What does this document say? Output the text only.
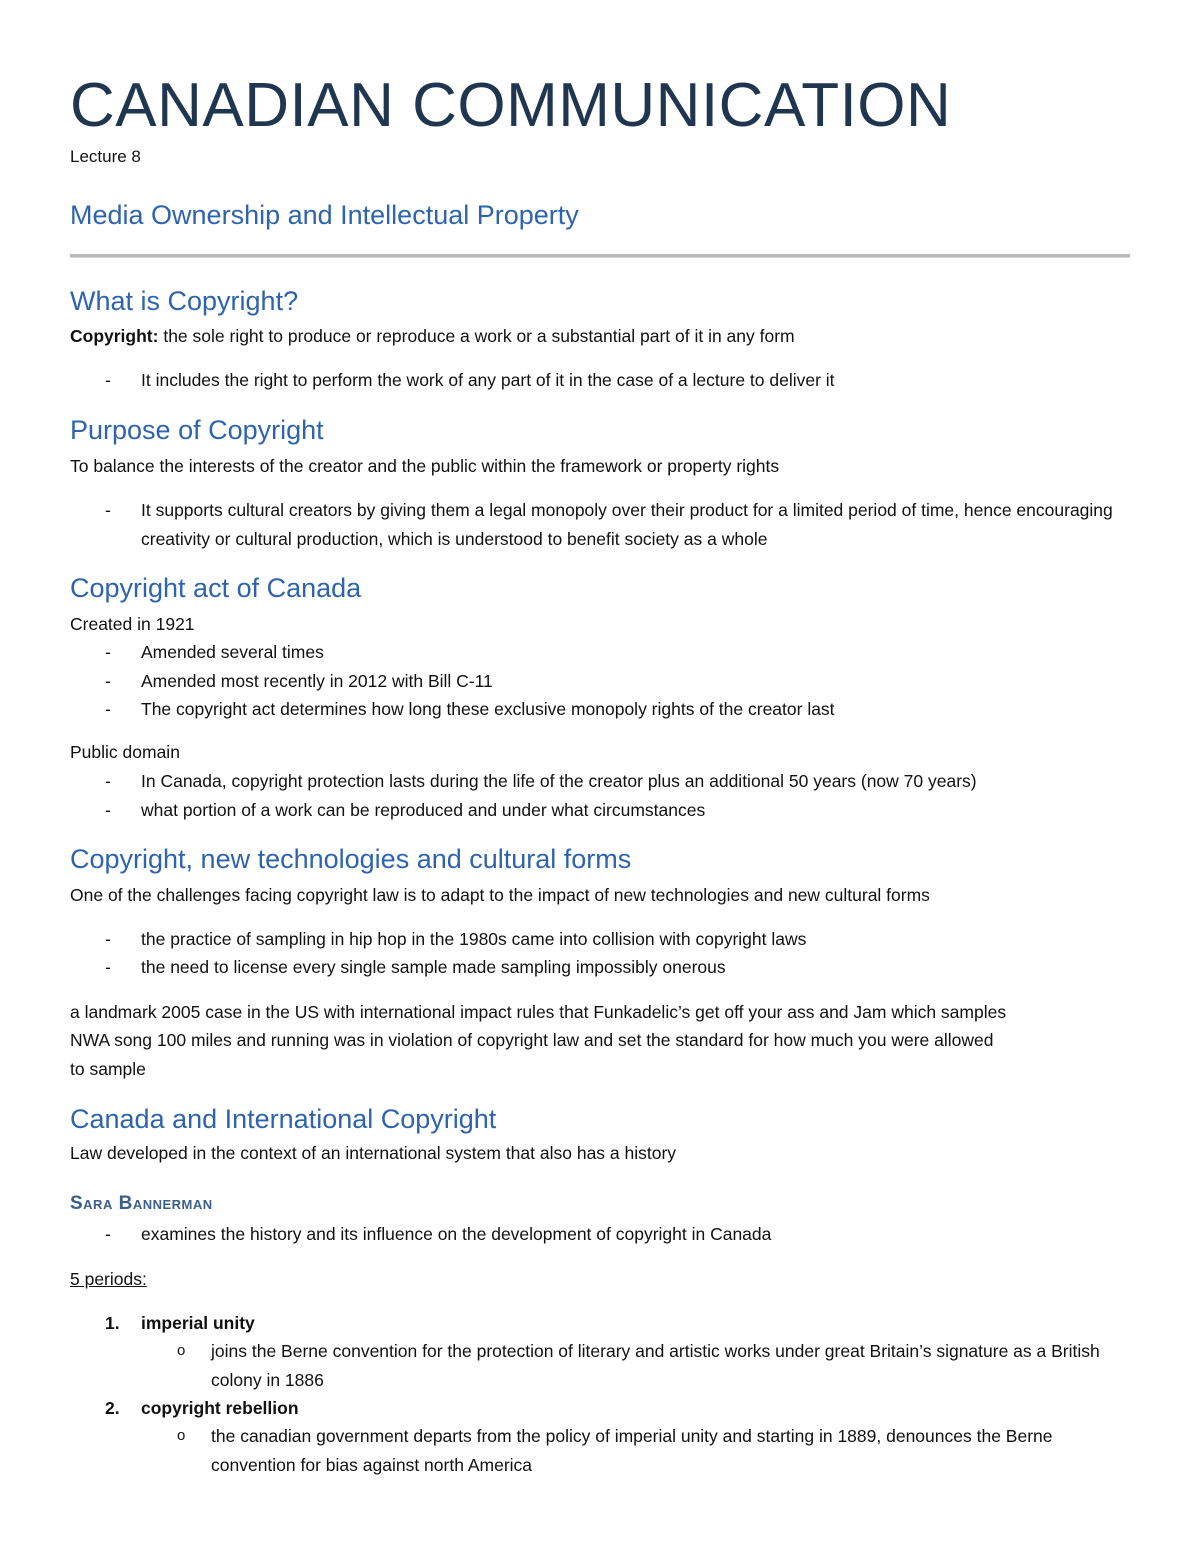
CANADIAN COMMUNICATION
Lecture 8
Media Ownership and Intellectual Property
What is Copyright?
Copyright: the sole right to produce or reproduce a work or a substantial part of it in any form
-	It includes the right to perform the work of any part of it in the case of a lecture to deliver it
Purpose of Copyright
To balance the interests of the creator and the public within the framework or property rights
-	It supports cultural creators by giving them a legal monopoly over their product for a limited period of time, hence encouraging creativity or cultural production, which is understood to benefit society as a whole
Copyright act of Canada
Created in 1921
-	Amended several times
-	Amended most recently in 2012 with Bill C-11
-	The copyright act determines how long these exclusive monopoly rights of the creator last
Public domain
-	In Canada, copyright protection lasts during the life of the creator plus an additional 50 years (now 70 years)
-	what portion of a work can be reproduced and under what circumstances
Copyright, new technologies and cultural forms
One of the challenges facing copyright law is to adapt to the impact of new technologies and new cultural forms
-	the practice of sampling in hip hop in the 1980s came into collision with copyright laws
-	the need to license every single sample made sampling impossibly onerous
a landmark 2005 case in the US with international impact rules that Funkadelic’s get off your ass and Jam which samples
NWA song 100 miles and running was in violation of copyright law and set the standard for how much you were allowed
to sample
Canada and International Copyright
Law developed in the context of an international system that also has a history
Sara Bannerman
-	examines the history and its influence on the development of copyright in Canada
5 periods:
1. imperial unity
o joins the Berne convention for the protection of literary and artistic works under great Britain’s signature as a British colony in 1886
2. copyright rebellion
o the canadian government departs from the policy of imperial unity and starting in 1889, denounces the Berne convention for bias against north America
